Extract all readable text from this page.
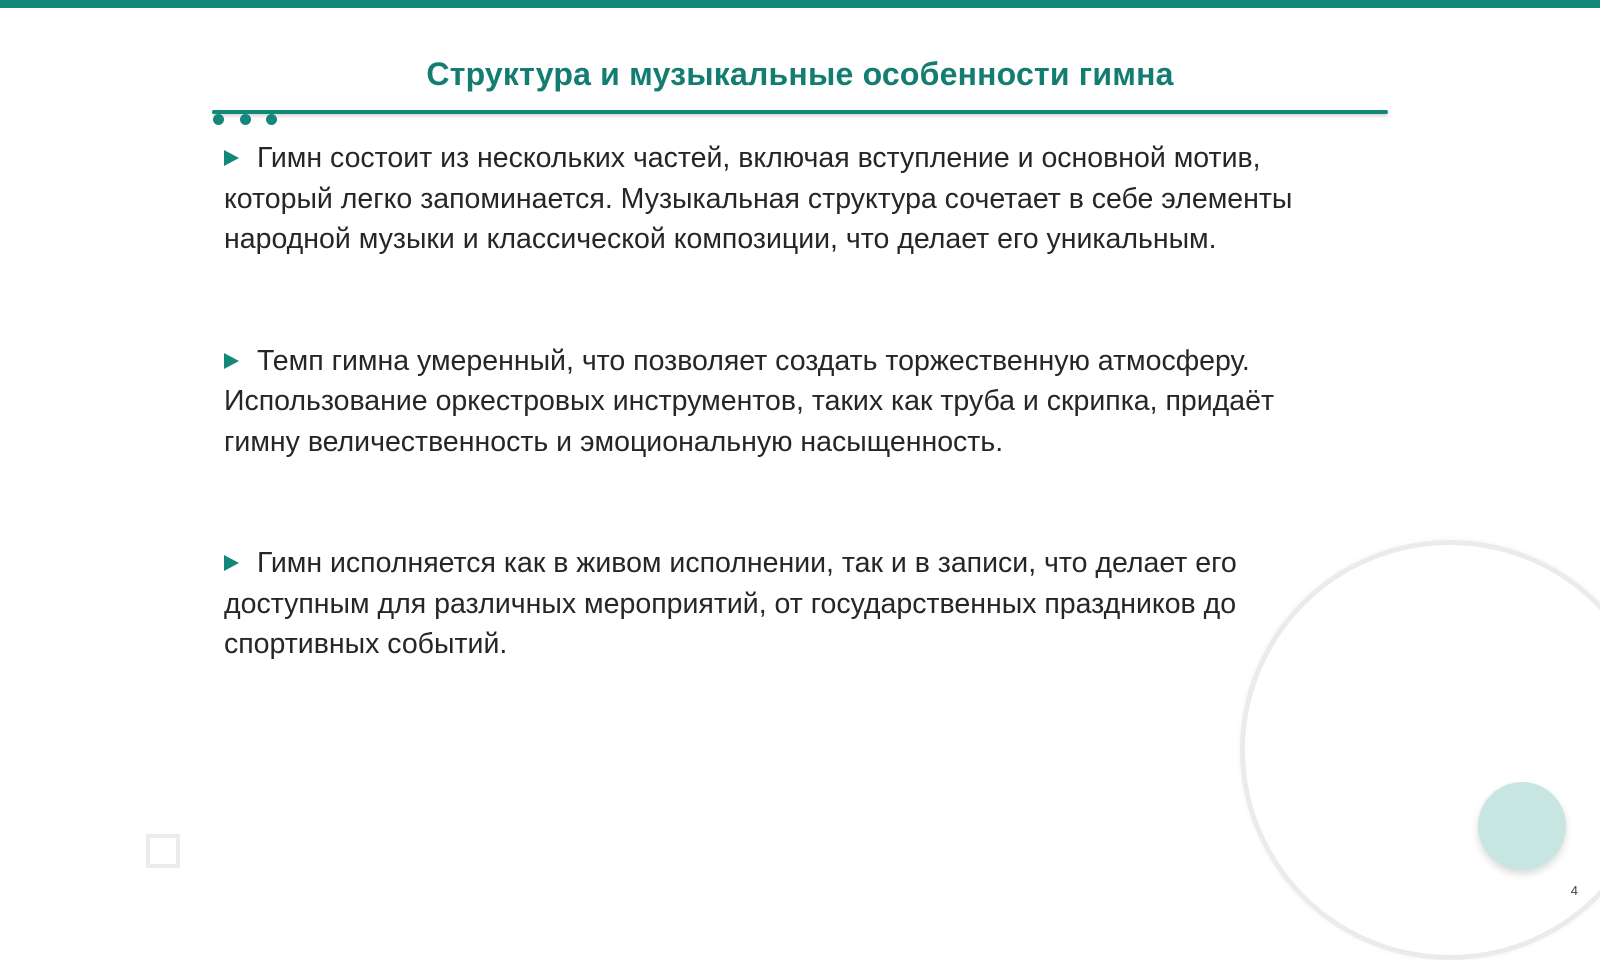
Структура и музыкальные особенности гимна

Гимн состоит из нескольких частей, включая вступление и основной мотив,
который легко запоминается. Музыкальная структура сочетает в себе элементы
народной музыки и классической композиции, что делает его уникальным.

Темп гимна умеренный, что позволяет создать торжественную атмосферу.
Использование оркестровых инструментов, таких как труба и скрипка, придаёт
гимну величественность и эмоциональную насыщенность.

Гимн исполняется как в живом исполнении, так и в записи, что делает его
доступным для различных мероприятий, от государственных праздников до
спортивных событий.

4
